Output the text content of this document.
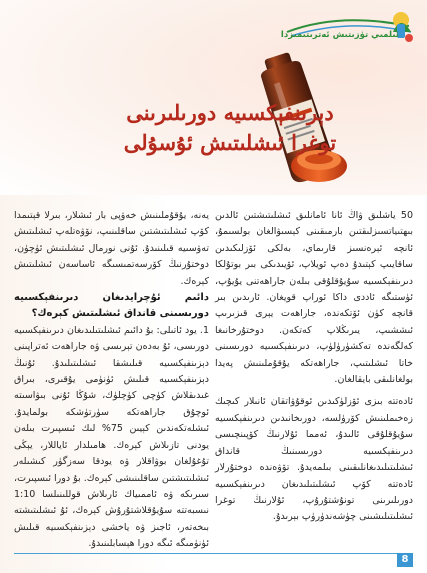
ئىلمىي تۈزىتىش ئەترىتىمىزدا
دېرىنفېكسىيە دورىلىرىنى
توغرا ئىشلىتىش ئۇسۇلى

50 ياشلىق ۋاڭ ئانا ئامانلىق ئىشلىتىشتىن ئالدىن بىھتىياتسىزلىقتىن بارمىقىنى كېسىۋالغان بولسىمۇ، ئانچە ئېرەنسىز قارىماي، بەلكى ئۆزلىكىدىن ساقايىپ كېتىدۇ دەپ ئويلاپ، ئۆيىدىكى بىر بوتۇلكا دىرىنفېكسىيە سۇيۇقلۇقى بىلەن جاراھەتنى يۇيۇپ، ئۈستىگە ئاددى داكا ئوراپ قويغان. ئارىدىن بىر قانچە كۈن ئۆتكەندە، جاراھەت يېرى قىزىرىپ ئىششىپ، يىرىڭلاپ كەتكەن. دوختۇرخانىغا كەلگەندە تەكشۈرۈلۈپ، دىرىنفېكسىيە دورىسىنى خاتا ئىشلىتىپ، جاراھەتكە يۇقۇملىنىش پەيدا بولغانلىقى بايقالغان.

ئادەتتە بىزى ئۆزلۈكىدىن ئوقۇۋاتقان ئانىلار كىچىك زەخىملىنىش كۆرۈلسە، دورىخانىدىن دىرىنفېكسىيە سۇيۇقلۇقى ئالىدۇ، ئەمما ئۇلارنىڭ كۆپىنچىسى دىرىنفېكسىيە دورىسىنىڭ قانداق ئىشلىتىلىدىغانلىقىنى بىلمەيدۇ. تۆۋەندە دوختۇرلار ئادەتتە كۆپ ئىشلىتىلىدىغان دىرىنفېكسىيە دورىلىرىنى تونۇشتۇرۇپ، ئۇلارنىڭ توغرا ئىشلىتىلىشىنى چۈشەندۈرۈپ بېرىدۇ.

يەنە، يۇقۇملىنىش خەۋپى بار ئىشلار، بىرلا قېتىمدا كۆپ ئىشلىتىشتىن ساقلىنىپ، نۆۋەتلەپ ئىشلىتىش تەۋسىيە قىلىنىدۇ. ئۇنى نورمال ئىشلىتىش ئۈچۈن، دوختۇرنىڭ كۆرسەتمىسىگە ئاساسەن ئىشلىتىش كېرەك.

دائىم ئۇچرايدىغان دىرىنفېكسىيە دورىسىنى قانداق ئىشلىتىش كېرەك؟

1. يود ئاتىلى: بۇ دائىم ئىشلىتىلىدىغان دىرىنفېكسىيە دورىسى، ئۇ بەدەن تېرىسى ۋە جاراھەت ئەتراپىنى دېزىنفېكسىيە قىلىشقا ئىشلىتىلىدۇ. ئۇنىڭ دېزىنفېكسىيە قىلىش ئۈنۈمى يۇقىرى، بىراق غىدىقلاش كۈچى كۈچلۈك، شۇڭا ئۇنى بىۋاسىتە ئوچۇق جاراھەتكە سۈرتۈشكە بولمايدۇ. ئىشلەتكەندىن كېيىن 75% لىك ئىسپىرت بىلەن يودنى تازىلاش كېرەك. ھامىلدار ئاياللار، يېڭى تۇغۇلغان بوۋاقلار ۋە يودقا سەزگۈر كىشىلەر ئىشلىتىشتىن ساقلىنىشى كېرەك. بۇ دورا ئىسپىرت، سىرىكە ۋە ئاممىياك ئارىلاش قوللىنىلسا 1:10 نىسبەتتە سۇيۇقلاشتۇرۇش كېرەك، ئۇ ئىشلىتىشتە بىخەتەر، ئاجىز ۋە ياخشى دېزىنفېكسىيە قىلىش ئۈنۈمىگە ئىگە دورا ھېسابلىنىدۇ.

8
